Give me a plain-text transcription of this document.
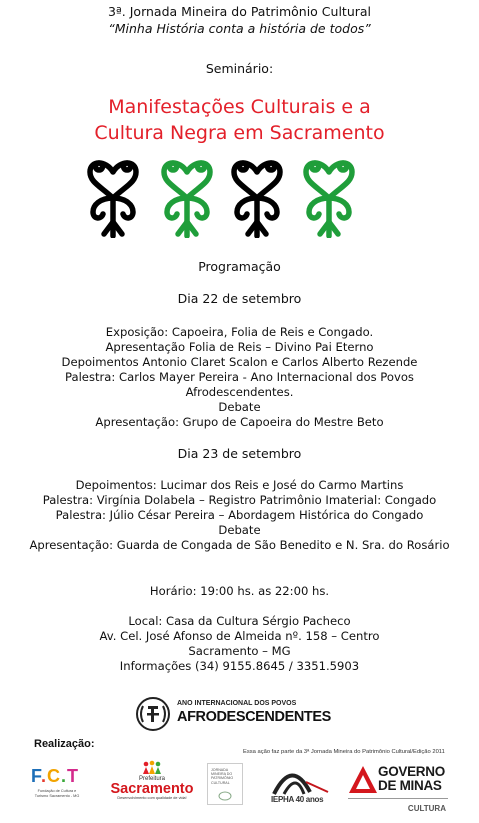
3ª. Jornada Mineira do Patrimônio Cultural
“Minha História conta a história de todos”
Seminário:
Manifestações Culturais e a
Cultura Negra em Sacramento
Programação
Dia 22 de setembro
Exposição: Capoeira, Folia de Reis e Congado.
Apresentação Folia de Reis – Divino Pai Eterno
Depoimentos Antonio Claret Scalon e Carlos Alberto Rezende
Palestra: Carlos Mayer Pereira - Ano Internacional dos Povos
Afrodescendentes.
Debate
Apresentação: Grupo de Capoeira do Mestre Beto
Dia 23 de setembro
Depoimentos: Lucimar dos Reis e José do Carmo Martins
Palestra: Virgínia Dolabela – Registro Patrimônio Imaterial: Congado
Palestra: Júlio César Pereira – Abordagem Histórica do Congado
Debate
Apresentação: Guarda de Congada de São Benedito e N. Sra. do Rosário
Horário: 19:00 hs. as 22:00 hs.
Local: Casa da Cultura Sérgio Pacheco
Av. Cel. José Afonso de Almeida nº. 158 – Centro
Sacramento – MG
Informações (34) 9155.8645 / 3351.5903
ANO INTERNACIONAL DOS POVOS
AFRODESCENDENTES
Realização:
Essa ação faz parte da 3ª Jornada Mineira do Patrimônio Cultural/Edição 2011
F.C.T
Fundação de Cultura e Turismo Sacramento - MG
Prefeitura
Sacramento
Desenvolvimento com qualidade de vida!
JORNADA MINEIRA DO PATRIMÔNIO CULTURAL
IEPHA 40 anos
GOVERNO
DE MINAS
CULTURA
